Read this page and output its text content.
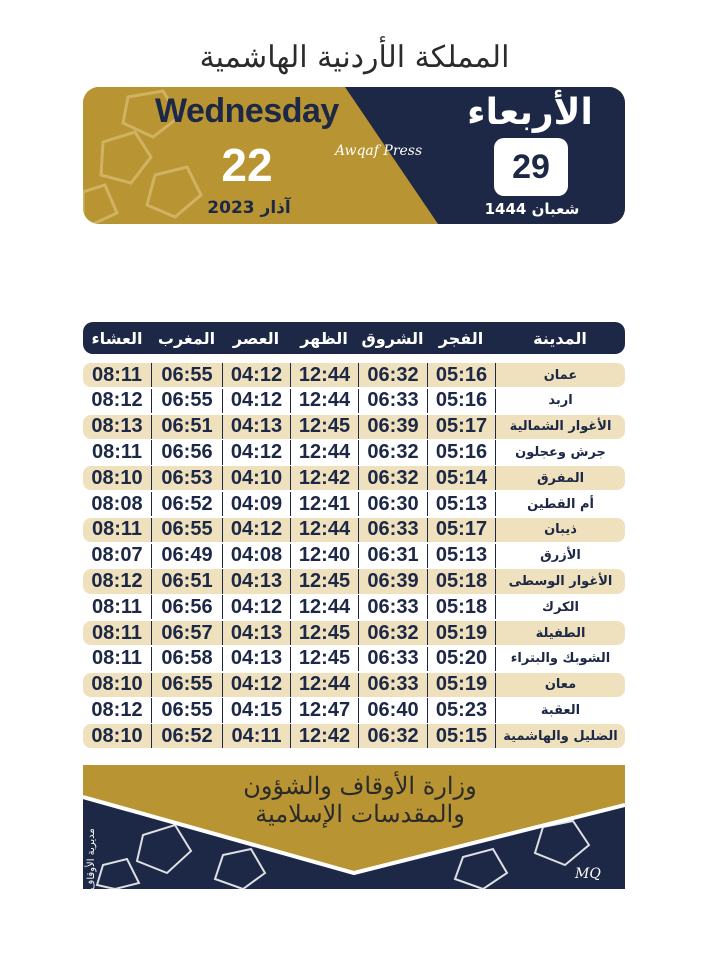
المملكة الأردنية الهاشمية
Wednesday
22
آذار 2023
Awqaf Press
الأربعاء
29
شعبان 1444
العشاء المغرب	العصر	الظهر الشروق الفجر	المدينة
08:11 06:55 04:12 12:44 06:32 05:16	عمان
08:12 06:55 04:12 12:44 06:33 05:16	اربد
08:13 06:51 04:13 12:45 06:39 05:17	الأغوار الشمالية
08:11 06:56 04:12 12:44 06:32 05:16	جرش وعجلون
08:10 06:53 04:10 12:42 06:32 05:14	المفرق
08:08 06:52 04:09 12:41 06:30 05:13	أم القطين
08:11 06:55 04:12 12:44 06:33 05:17	ذيبان
08:07 06:49 04:08 12:40 06:31 05:13	الأزرق
08:12 06:51 04:13 12:45 06:39 05:18	الأغوار الوسطى
08:11 06:56 04:12 12:44 06:33 05:18	الكرك
08:11 06:57 04:13 12:45 06:32 05:19	الطفيلة
08:11 06:58 04:13 12:45 06:33 05:20	الشوبك والبتراء
08:10 06:55 04:12 12:44 06:33 05:19	معان
08:12 06:55 04:15 12:47 06:40 05:23	العقبة
08:10 06:52 04:11 12:42 06:32 05:15	الضليل والهاشمية
وزارة الأوقاف والشؤون والمقدسات الإسلامية
مديرية الأوقاف	MQ
